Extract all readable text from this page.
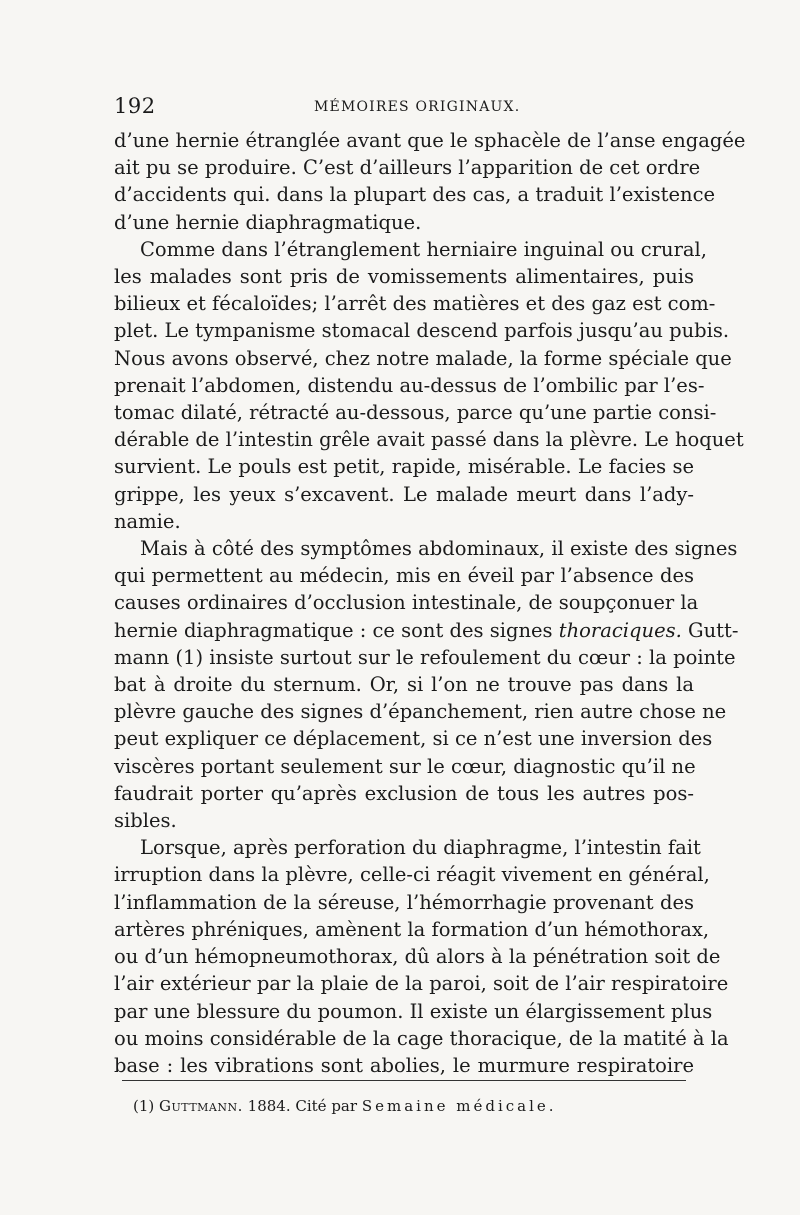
192	MÉMOIRES ORIGINAUX.
d’une hernie étranglée avant que le sphacèle de l’anse engagée
ait pu se produire. C’est d’ailleurs l’apparition de cet ordre
d’accidents qui. dans la plupart des cas, a traduit l’existence
d’une hernie diaphragmatique.
Comme dans l’étranglement herniaire inguinal ou crural,
les malades sont pris de vomissements alimentaires, puis
bilieux et fécaloïdes; l’arrêt des matières et des gaz est com-
plet. Le tympanisme stomacal descend parfois jusqu’au pubis.
Nous avons observé, chez notre malade, la forme spéciale que
prenait l’abdomen, distendu au-dessus de l’ombilic par l’es-
tomac dilaté, rétracté au-dessous, parce qu’une partie consi-
dérable de l’intestin grêle avait passé dans la plèvre. Le hoquet
survient. Le pouls est petit, rapide, misérable. Le facies se
grippe, les yeux s’excavent. Le malade meurt dans l’ady-
namie.
Mais à côté des symptômes abdominaux, il existe des signes
qui permettent au médecin, mis en éveil par l’absence des
causes ordinaires d’occlusion intestinale, de soupçonuer la
hernie diaphragmatique : ce sont des signes thoraciques. Gutt-
mann (1) insiste surtout sur le refoulement du cœur : la pointe
bat à droite du sternum. Or, si l’on ne trouve pas dans la
plèvre gauche des signes d’épanchement, rien autre chose ne
peut expliquer ce déplacement, si ce n’est une inversion des
viscères portant seulement sur le cœur, diagnostic qu’il ne
faudrait porter qu’après exclusion de tous les autres pos-
sibles.
Lorsque, après perforation du diaphragme, l’intestin fait
irruption dans la plèvre, celle-ci réagit vivement en général,
l’inflammation de la séreuse, l’hémorrhagie provenant des
artères phréniques, amènent la formation d’un hémothorax,
ou d’un hémopneumothorax, dû alors à la pénétration soit de
l’air extérieur par la plaie de la paroi, soit de l’air respiratoire
par une blessure du poumon. Il existe un élargissement plus
ou moins considérable de la cage thoracique, de la matité à la
base : les vibrations sont abolies, le murmure respiratoire
(1) Guttmann. 1884. Cité par Semaine médicale.
